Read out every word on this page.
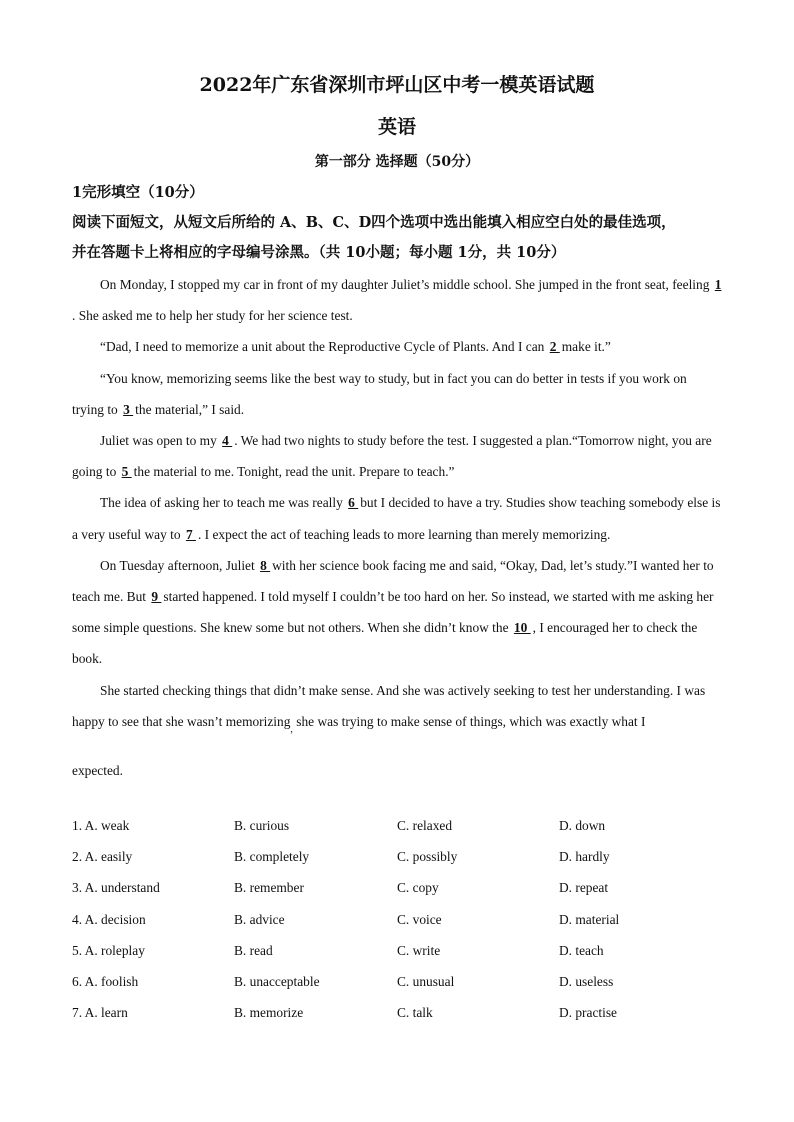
2022年广东省深圳市坪山区中考一模英语试题
英语
第一部分 选择题（50分）
1完形填空（10分）
阅读下面短文，从短文后所给的 A、B、C、D四个选项中选出能填入相应空白处的最佳选项，
并在答题卡上将相应的字母编号涂黑。（共 10小题；每小题 1分，共 10分）

On Monday, I stopped my car in front of my daughter Juliet’s middle school. She jumped in the front seat, feeling 1 . She asked me to help her study for her science test.

“Dad, I need to memorize a unit about the Reproductive Cycle of Plants. And I can 2 make it.”

“You know, memorizing seems like the best way to study, but in fact you can do better in tests if you work on trying to 3 the material,” I said.

Juliet was open to my 4 . We had two nights to study before the test. I suggested a plan.“Tomorrow night, you are going to 5 the material to me. Tonight, read the unit. Prepare to teach.”

The idea of asking her to teach me was really 6 but I decided to have a try. Studies show teaching somebody else is a very useful way to 7 . I expect the act of teaching leads to more learning than merely memorizing.

On Tuesday afternoon, Juliet 8 with her science book facing me and said, “Okay, Dad, let’s study.”I wanted her to teach me. But 9 started happened. I told myself I couldn’t be too hard on her. So instead, we started with me asking her some simple questions. She knew some but not others. When she didn’t know the 10 , I encouraged her to check the book.

She started checking things that didn’t make sense. And she was actively seeking to test her understanding. I was happy to see that she wasn’t memorizing$_,$ she was trying to make sense of things, which was exactly what I

expected.

1. A. weak	B. curious	C. relaxed	D. down
2. A. easily	B. completely	C. possibly	D. hardly
3. A. understand	B. remember	C. copy	D. repeat
4. A. decision	B. advice	C. voice	D. material
5. A. roleplay	B. read	C. write	D. teach
6. A. foolish	B. unacceptable	C. unusual	D. useless
7. A. learn	B. memorize	C. talk	D. practise
